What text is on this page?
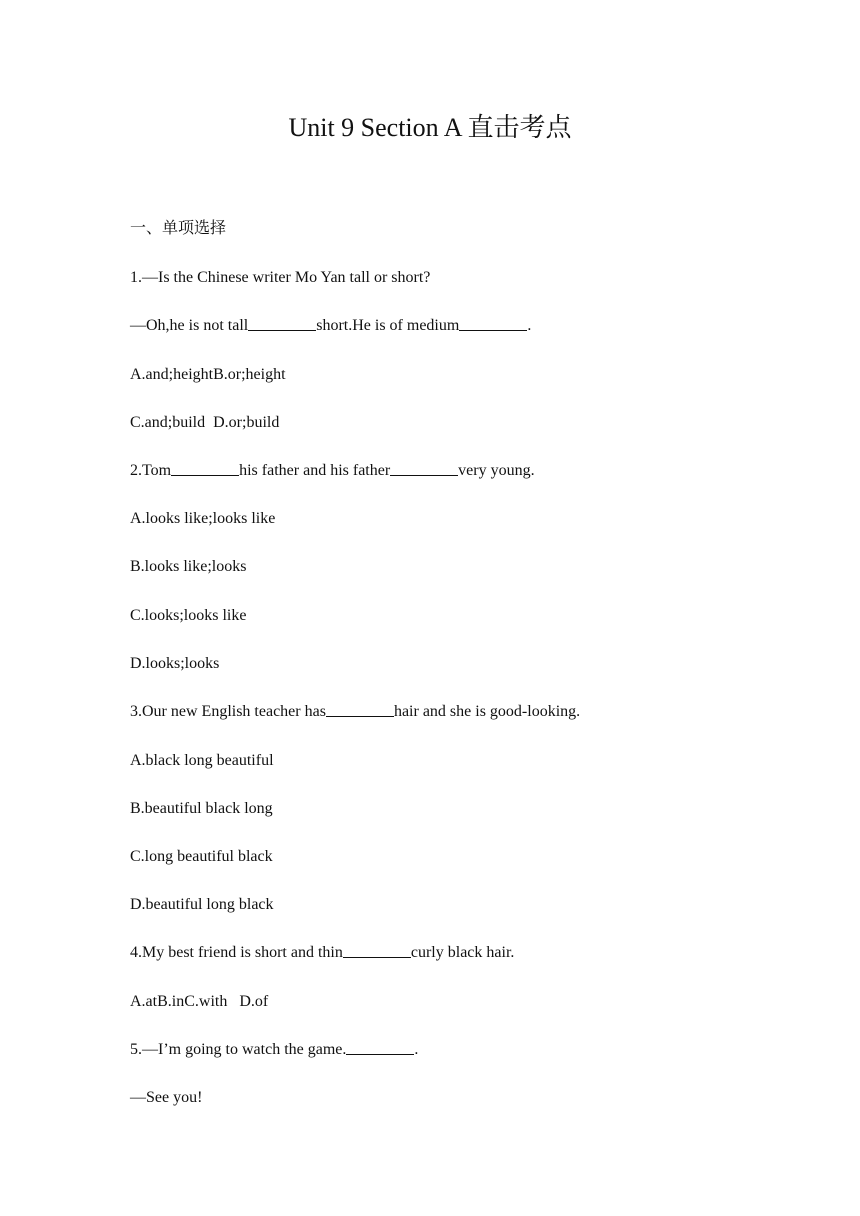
Unit 9 Section A 直击考点
一、单项选择
1.—Is the Chinese writer Mo Yan tall or short?
—Oh,he is not tall	short.He is of medium	.
A.and;heightB.or;height
C.and;build  D.or;build
2.Tom	his father and his father	very young.
A.looks like;looks like
B.looks like;looks
C.looks;looks like
D.looks;looks
3.Our new English teacher has	hair and she is good-looking.
A.black long beautiful
B.beautiful black long
C.long beautiful black
D.beautiful long black
4.My best friend is short and thin	curly black hair.
A.atB.inC.with   D.of
5.—I’m going to watch the game.	.
—See you!
